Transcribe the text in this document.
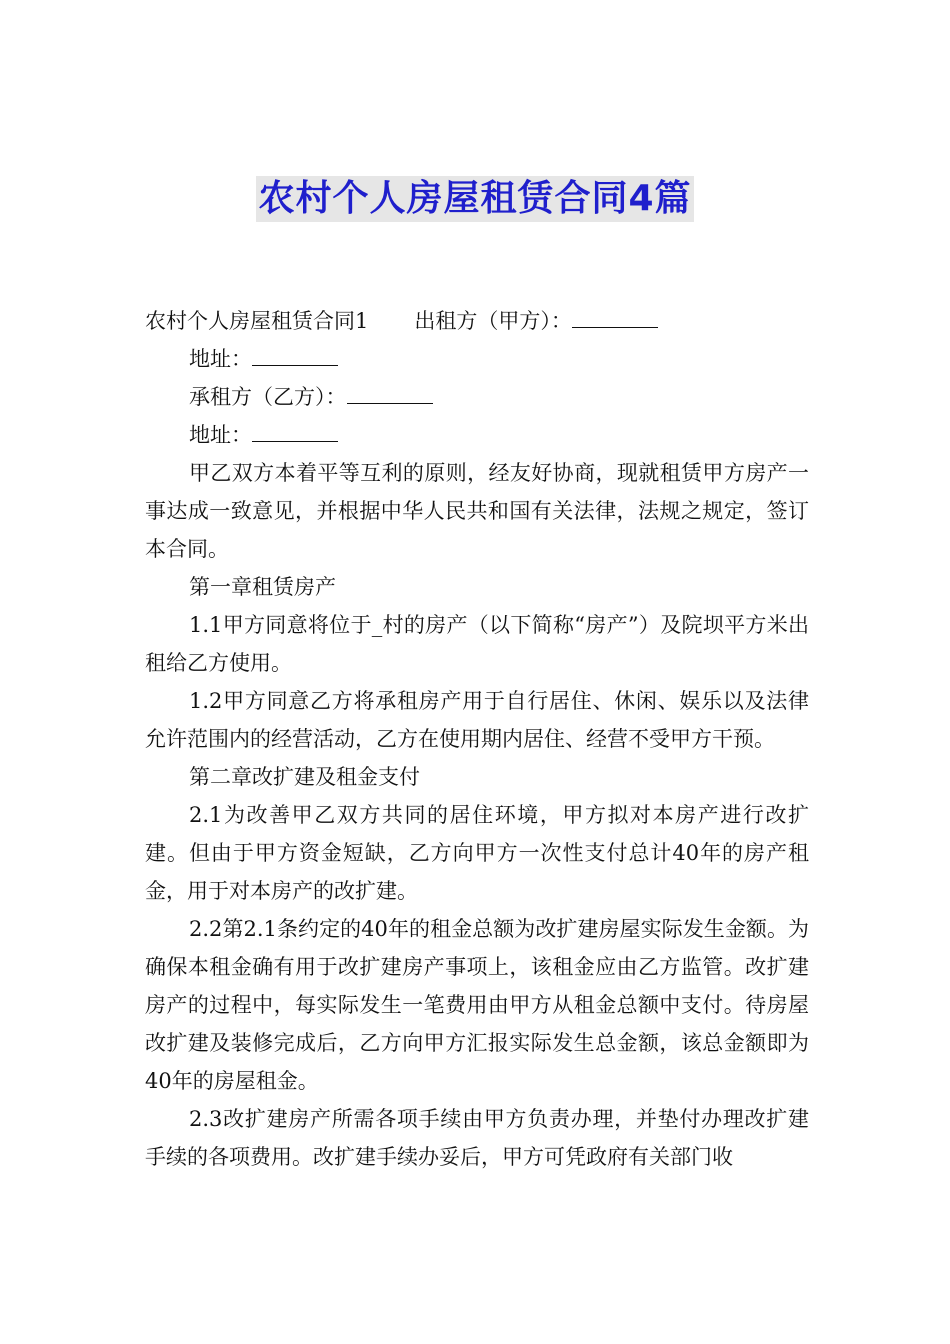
农村个人房屋租赁合同4篇
农村个人房屋租赁合同1 出租方（甲方）：
地址：
承租方（乙方）：
地址：

甲乙双方本着平等互利的原则，经友好协商，现就租赁甲方房产一事达成一致意见，并根据中华人民共和国有关法律，法规之规定，签订本合同。

第一章租赁房产

1.1甲方同意将位于_村的房产（以下简称“房产”）及院坝平方米出租给乙方使用。

1.2甲方同意乙方将承租房产用于自行居住、休闲、娱乐以及法律允许范围内的经营活动，乙方在使用期内居住、经营不受甲方干预。

第二章改扩建及租金支付

2.1为改善甲乙双方共同的居住环境，甲方拟对本房产进行改扩建。但由于甲方资金短缺，乙方向甲方一次性支付总计40年的房产租金，用于对本房产的改扩建。

2.2第2.1条约定的40年的租金总额为改扩建房屋实际发生金额。为确保本租金确有用于改扩建房产事项上，该租金应由乙方监管。改扩建房产的过程中，每实际发生一笔费用由甲方从租金总额中支付。待房屋改扩建及装修完成后，乙方向甲方汇报实际发生总金额，该总金额即为40年的房屋租金。

2.3改扩建房产所需各项手续由甲方负责办理，并垫付办理改扩建手续的各项费用。改扩建手续办妥后，甲方可凭政府有关部门收
